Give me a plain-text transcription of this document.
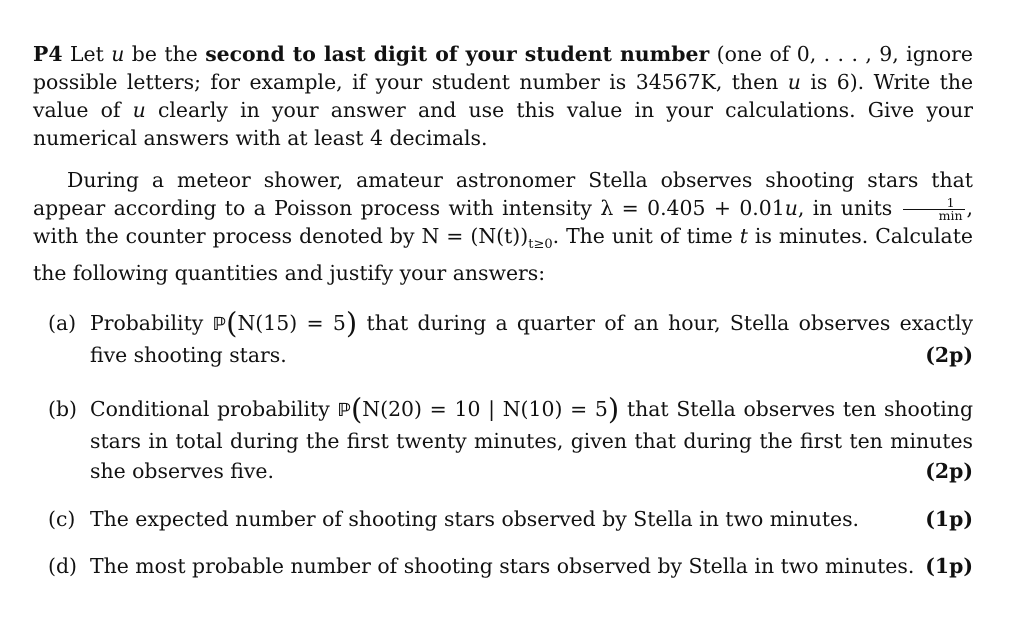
P4 Let u be the second to last digit of your student number (one of 0, . . . , 9, ignore possible letters; for example, if your student number is 34567K, then u is 6). Write the value of u clearly in your answer and use this value in your calculations. Give your numerical answers with at least 4 decimals.
During a meteor shower, amateur astronomer Stella observes shooting stars that appear according to a Poisson process with intensity λ = 0.405 + 0.01u, in units $\frac{1}{\min}$ , with the counter process denoted by $N = (N(t))_{t\ge 0}$. The unit of time t is minutes. Calculate the following quantities and justify your answers:
(a) Probability ℙ(N(15) = 5) that during a quarter of an hour, Stella observes exactly five shooting stars.	(2p)
(b) Conditional probability ℙ(N(20) = 10 | N(10) = 5) that Stella observes ten shooting stars in total during the first twenty minutes, given that during the first ten minutes she observes five.	(2p)
(c) The expected number of shooting stars observed by Stella in two minutes.	(1p)
(d) The most probable number of shooting stars observed by Stella in two minutes. (1p)
